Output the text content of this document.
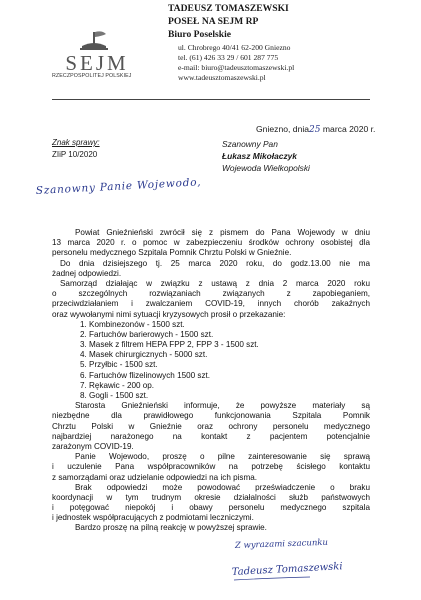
SEJM
RZECZPOSPOLITEJ POLSKIEJ
TADEUSZ TOMASZEWSKI
POSEŁ NA SEJM RP
Biuro Poselskie
ul. Chrobrego 40/41 62-200 Gniezno
tel. (61) 426 33 29 / 601 287 775
e-mail: biuro@tadeusztomaszewski.pl
www.tadeusztomaszewski.pl
Gniezno, dnia25 marca 2020 r.
Znak sprawy:
ZIiP 10/2020
Szanowny Pan
Łukasz Mikołaczyk
Wojewoda Wielkopolski
Szanowny Panie Wojewodo,
Powiat Gnieźnieński zwrócił się z pismem do Pana Wojewody w dniu
13 marca 2020 r. o pomoc w zabezpieczeniu środków ochrony osobistej dla
personelu medycznego Szpitala Pomnik Chrztu Polski w Gnieźnie.
Do dnia dzisiejszego tj. 25 marca 2020 roku, do godz.13.00 nie ma
żadnej odpowiedzi.
Samorząd działając w związku z ustawą z dnia 2 marca 2020 roku
o szczególnych rozwiązaniach związanych z zapobieganiem,
przeciwdziałaniem i zwalczaniem COVID-19, innych chorób zakaźnych
oraz wywołanymi nimi sytuacji kryzysowych prosił o przekazanie:
1. Kombinezonów - 1500 szt.
2. Fartuchów barierowych - 1500 szt.
3. Masek z filtrem HEPA FPP 2, FPP 3 - 1500 szt.
4. Masek chirurgicznych - 5000 szt.
5. Przyłbic - 1500 szt.
6. Fartuchów flizelinowych 1500 szt.
7. Rękawic - 200 op.
8. Gogli - 1500 szt.
Starosta Gnieźnieński informuje, że powyższe materiały są
niezbędne dla prawidłowego funkcjonowania Szpitala Pomnik
Chrztu Polski w Gnieźnie oraz ochrony personelu medycznego
najbardziej narażonego na kontakt z pacjentem potencjalnie
zarażonym COVID-19.
Panie Wojewodo, proszę o pilne zainteresowanie się sprawą
i uczulenie Pana współpracowników na potrzebę ścisłego kontaktu
z samorządami oraz udzielanie odpowiedzi na ich pisma.
Brak odpowiedzi może powodować przeświadczenie o braku
koordynacji w tym trudnym okresie działalności służb państwowych
i potęgować niepokój i obawy personelu medycznego szpitala
i jednostek współpracujących z podmiotami leczniczymi.
Bardzo proszę na pilną reakcję w powyższej sprawie.
Z wyrazami szacunku
Tadeusz Tomaszewski
